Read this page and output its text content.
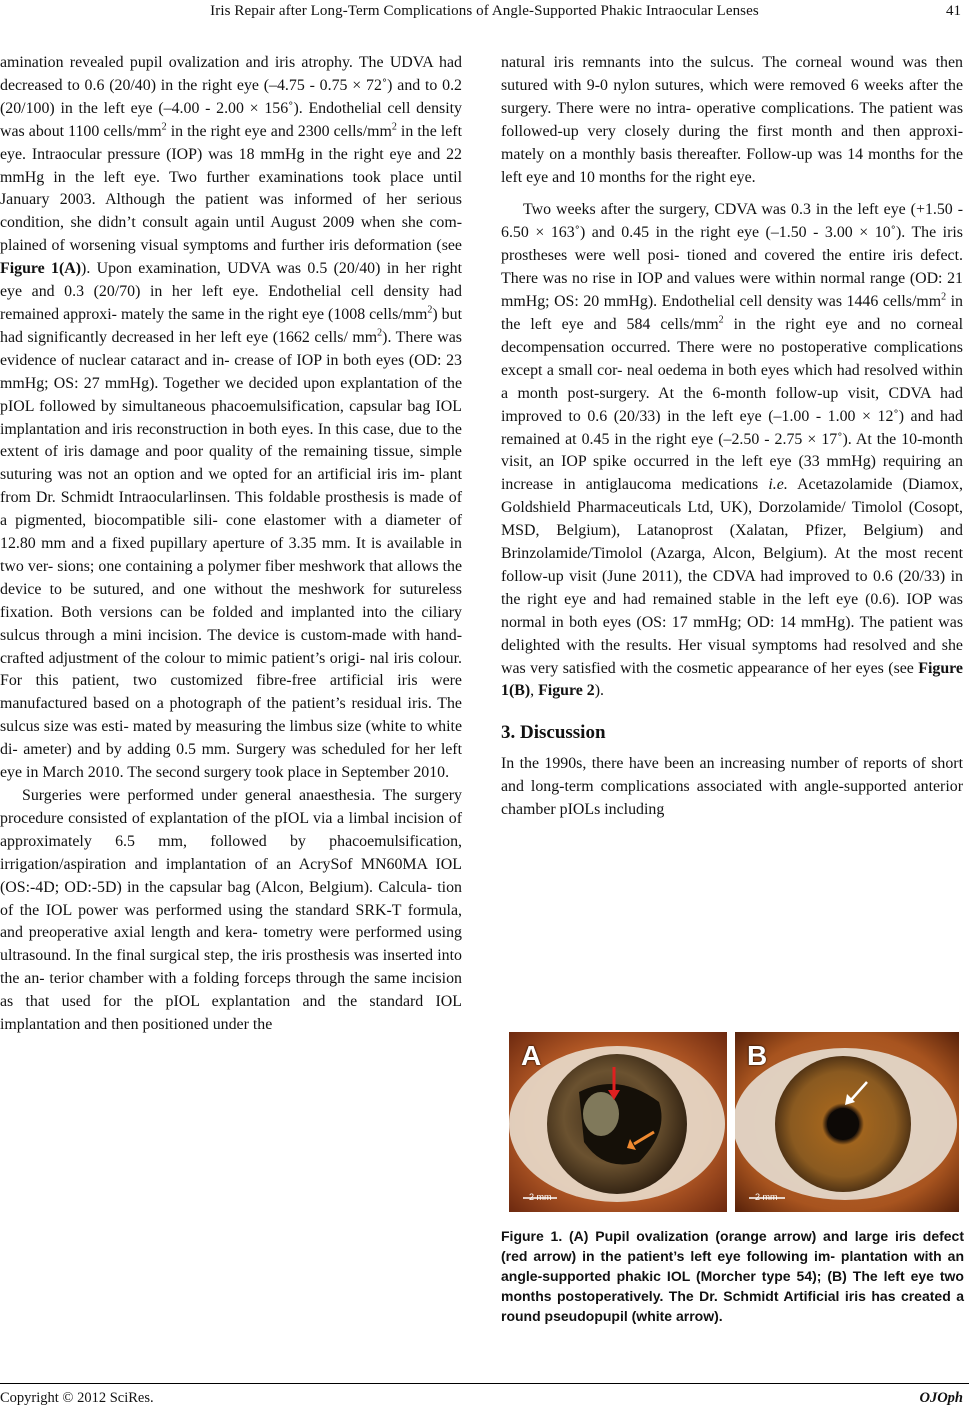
Iris Repair after Long-Term Complications of Angle-Supported Phakic Intraocular Lenses	41

amination revealed pupil ovalization and iris atrophy. The UDVA had decreased to 0.6 (20/40) in the right eye (–4.75 - 0.75 × 72˚) and to 0.2 (20/100) in the left eye (–4.00 - 2.00 × 156˚). Endothelial cell density was about 1100 cells/$mm^2$ in the right eye and 2300 cells/$mm^2$ in the left eye. Intraocular pressure (IOP) was 18 mmHg in the right eye and 22 mmHg in the left eye. Two further examinations took place until January 2003. Although the patient was informed of her serious condition, she didn’t consult again until August 2009 when she com- plained of worsening visual symptoms and further iris deformation (see Figure 1(A)). Upon examination, UDVA was 0.5 (20/40) in her right eye and 0.3 (20/70) in her left eye. Endothelial cell density had remained approxi- mately the same in the right eye (1008 cells/$mm^2$) but had significantly decreased in her left eye (1662 cells/ $mm^2$). There was evidence of nuclear cataract and in- crease of IOP in both eyes (OD: 23 mmHg; OS: 27 mmHg). Together we decided upon explantation of the pIOL followed by simultaneous phacoemulsification, capsular bag IOL implantation and iris reconstruction in both eyes. In this case, due to the extent of iris damage and poor quality of the remaining tissue, simple suturing was not an option and we opted for an artificial iris im- plant from Dr. Schmidt Intraocularlinsen. This foldable prosthesis is made of a pigmented, biocompatible sili- cone elastomer with a diameter of 12.80 mm and a fixed pupillary aperture of 3.35 mm. It is available in two ver- sions; one containing a polymer fiber meshwork that allows the device to be sutured, and one without the meshwork for sutureless fixation. Both versions can be folded and implanted into the ciliary sulcus through a mini incision. The device is custom-made with hand- crafted adjustment of the colour to mimic patient’s origi- nal iris colour. For this patient, two customized fibre-free artificial iris were manufactured based on a photograph of the patient’s residual iris. The sulcus size was esti- mated by measuring the limbus size (white to white di- ameter) and by adding 0.5 mm. Surgery was scheduled for her left eye in March 2010. The second surgery took place in September 2010.

Surgeries were performed under general anaesthesia. The surgery procedure consisted of explantation of the pIOL via a limbal incision of approximately 6.5 mm, followed by phacoemulsification, irrigation/aspiration and implantation of an AcrySof MN60MA IOL (OS:-4D; OD:-5D) in the capsular bag (Alcon, Belgium). Calcula- tion of the IOL power was performed using the standard SRK-T formula, and preoperative axial length and kera- tometry were performed using ultrasound. In the final surgical step, the iris prosthesis was inserted into the an- terior chamber with a folding forceps through the same incision as that used for the pIOL explantation and the standard IOL implantation and then positioned under the

natural iris remnants into the sulcus. The corneal wound was then sutured with 9-0 nylon sutures, which were removed 6 weeks after the surgery. There were no intra- operative complications. The patient was followed-up very closely during the first month and then approxi- mately on a monthly basis thereafter. Follow-up was 14 months for the left eye and 10 months for the right eye.

Two weeks after the surgery, CDVA was 0.3 in the left eye (+1.50 - 6.50 × 163˚) and 0.45 in the right eye (–1.50 - 3.00 × 10˚). The iris prostheses were well posi- tioned and covered the entire iris defect. There was no rise in IOP and values were within normal range (OD: 21 mmHg; OS: 20 mmHg). Endothelial cell density was 1446 cells/$mm^2$ in the left eye and 584 cells/$mm^2$ in the right eye and no corneal decompensation occurred. There were no postoperative complications except a small cor- neal oedema in both eyes which had resolved within a month post-surgery. At the 6-month follow-up visit, CDVA had improved to 0.6 (20/33) in the left eye (–1.00 - 1.00 × 12˚) and had remained at 0.45 in the right eye (–2.50 - 2.75 × 17˚). At the 10-month visit, an IOP spike occurred in the left eye (33 mmHg) requiring an increase in antiglaucoma medications i.e. Acetazolamide (Diamox, Goldshield Pharmaceuticals Ltd, UK), Dorzolamide/ Timolol (Cosopt, MSD, Belgium), Latanoprost (Xalatan, Pfizer, Belgium) and Brinzolamide/Timolol (Azarga, Alcon, Belgium). At the most recent follow-up visit (June 2011), the CDVA had improved to 0.6 (20/33) in the right eye and had remained stable in the left eye (0.6). IOP was normal in both eyes (OS: 17 mmHg; OD: 14 mmHg). The patient was delighted with the results. Her visual symptoms had resolved and she was very satisfied with the cosmetic appearance of her eyes (see Figure 1(B), Figure 2).

3. Discussion

In the 1990s, there have been an increasing number of reports of short and long-term complications associated with angle-supported anterior chamber pIOLs including

A
2 mm
B
2 mm
Figure 1. (A) Pupil ovalization (orange arrow) and large iris defect (red arrow) in the patient’s left eye following im- plantation with an angle-supported phakic IOL (Morcher type 54); (B) The left eye two months postoperatively. The Dr. Schmidt Artificial iris has created a round pseudopupil (white arrow).
Copyright © 2012 SciRes.	OJOph
